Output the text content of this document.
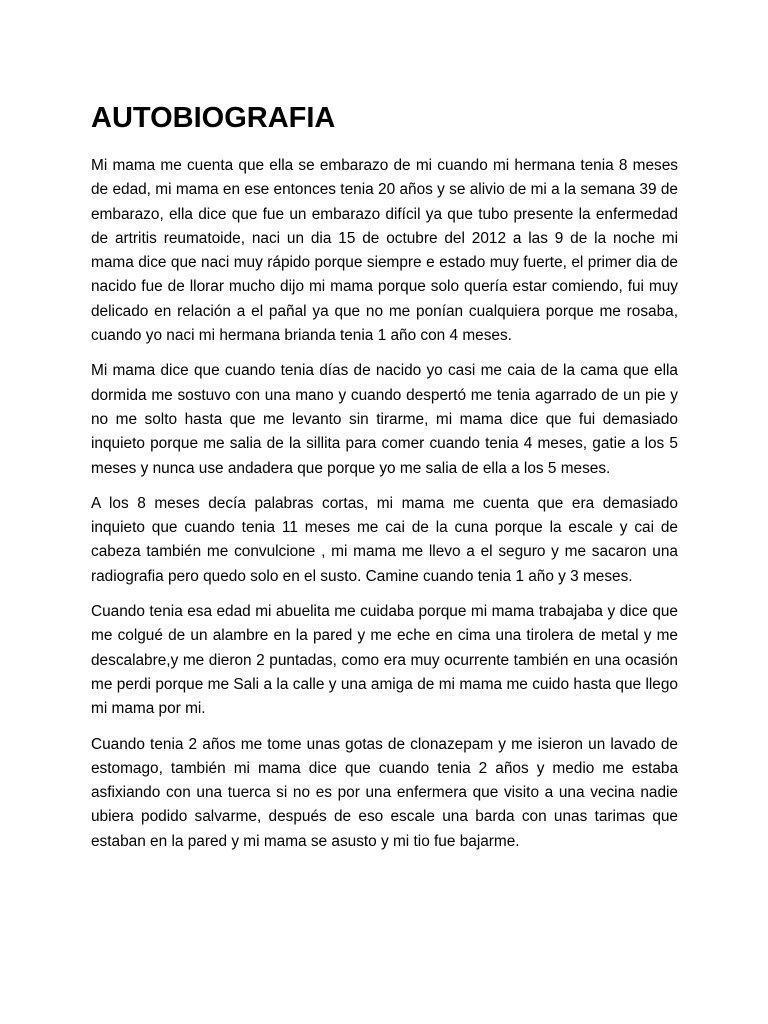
AUTOBIOGRAFIA

Mi mama me cuenta que ella se embarazo de mi cuando mi hermana tenia 8 meses de edad, mi mama en ese entonces tenia 20 años y se alivio de mi a la semana 39 de embarazo, ella dice que fue un embarazo difícil ya que tubo presente la enfermedad de artritis reumatoide, naci un dia 15 de octubre del 2012 a las 9 de la noche mi mama dice que naci muy rápido porque siempre e estado muy fuerte, el primer dia de nacido fue de llorar mucho dijo mi mama porque solo quería estar comiendo, fui muy delicado en relación a el pañal ya que no me ponían cualquiera porque me rosaba, cuando yo naci mi hermana brianda tenia 1 año con 4 meses.

Mi mama dice que cuando tenia días de nacido yo casi me caia de la cama que ella dormida me sostuvo con una mano y cuando despertó me tenia agarrado de un pie y no me solto hasta que me levanto sin tirarme, mi mama dice que fui demasiado inquieto porque me salia de la sillita para comer cuando tenia 4 meses, gatie a los 5 meses y nunca use andadera que porque yo me salia de ella a los 5 meses.

A los 8 meses decía palabras cortas, mi mama me cuenta que era demasiado inquieto que cuando tenia 11 meses me cai de la cuna porque la escale y cai de cabeza también me convulcione , mi mama me llevo a el seguro y me sacaron una radiografia pero quedo solo en el susto. Camine cuando tenia 1 año y 3 meses.

Cuando tenia esa edad mi abuelita me cuidaba porque mi mama trabajaba y dice que me colgué de un alambre en la pared y me eche en cima una tirolera de metal y me descalabre,y me dieron 2 puntadas, como era muy ocurrente también en una ocasión me perdi porque me Sali a la calle y una amiga de mi mama me cuido hasta que llego mi mama por mi.

Cuando tenia 2 años me tome unas gotas de clonazepam y me isieron un lavado de estomago, también mi mama dice que cuando tenia 2 años y medio me estaba asfixiando con una tuerca si no es por una enfermera que visito a una vecina nadie ubiera podido salvarme, después de eso escale una barda con unas tarimas que estaban en la pared y mi mama se asusto y mi tio fue bajarme.
